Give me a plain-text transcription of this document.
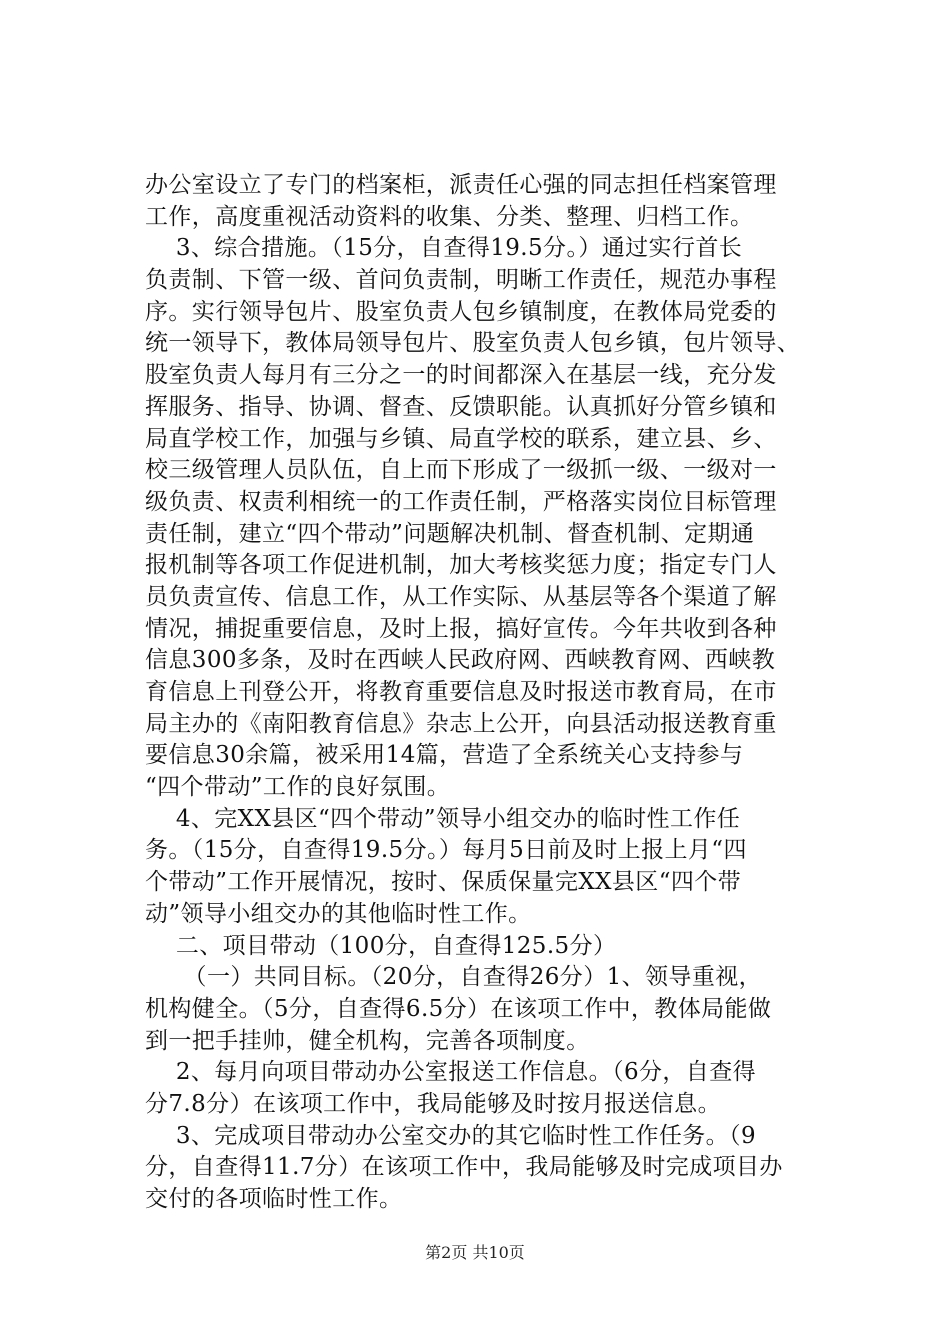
办公室设立了专门的档案柜，派责任心强的同志担任档案管理
工作，高度重视活动资料的收集、分类、整理、归档工作。
3、综合措施。（15分，自查得19.5分。）通过实行首长
负责制、下管一级、首问负责制，明晰工作责任，规范办事程
序。实行领导包片、股室负责人包乡镇制度，在教体局党委的
统一领导下，教体局领导包片、股室负责人包乡镇，包片领导、
股室负责人每月有三分之一的时间都深入在基层一线，充分发
挥服务、指导、协调、督查、反馈职能。认真抓好分管乡镇和
局直学校工作，加强与乡镇、局直学校的联系，建立县、乡、
校三级管理人员队伍，自上而下形成了一级抓一级、一级对一
级负责、权责利相统一的工作责任制，严格落实岗位目标管理
责任制，建立“四个带动”问题解决机制、督查机制、定期通
报机制等各项工作促进机制，加大考核奖惩力度；指定专门人
员负责宣传、信息工作，从工作实际、从基层等各个渠道了解
情况，捕捉重要信息，及时上报，搞好宣传。今年共收到各种
信息300多条，及时在西峡人民政府网、西峡教育网、西峡教
育信息上刊登公开，将教育重要信息及时报送市教育局，在市
局主办的《南阳教育信息》杂志上公开，向县活动报送教育重
要信息30余篇，被采用14篇，营造了全系统关心支持参与
“四个带动”工作的良好氛围。
4、完XX县区“四个带动”领导小组交办的临时性工作任
务。（15分，自查得19.5分。）每月5日前及时上报上月“四
个带动”工作开展情况，按时、保质保量完XX县区“四个带
动”领导小组交办的其他临时性工作。
二、项目带动（100分，自查得125.5分）
（一）共同目标。（20分，自查得26分）1、领导重视，
机构健全。（5分，自查得6.5分）在该项工作中，教体局能做
到一把手挂帅，健全机构，完善各项制度。
2、每月向项目带动办公室报送工作信息。（6分，自查得
分7.8分）在该项工作中，我局能够及时按月报送信息。
3、完成项目带动办公室交办的其它临时性工作任务。（9
分，自查得11.7分）在该项工作中，我局能够及时完成项目办
交付的各项临时性工作。
第2页 共10页
